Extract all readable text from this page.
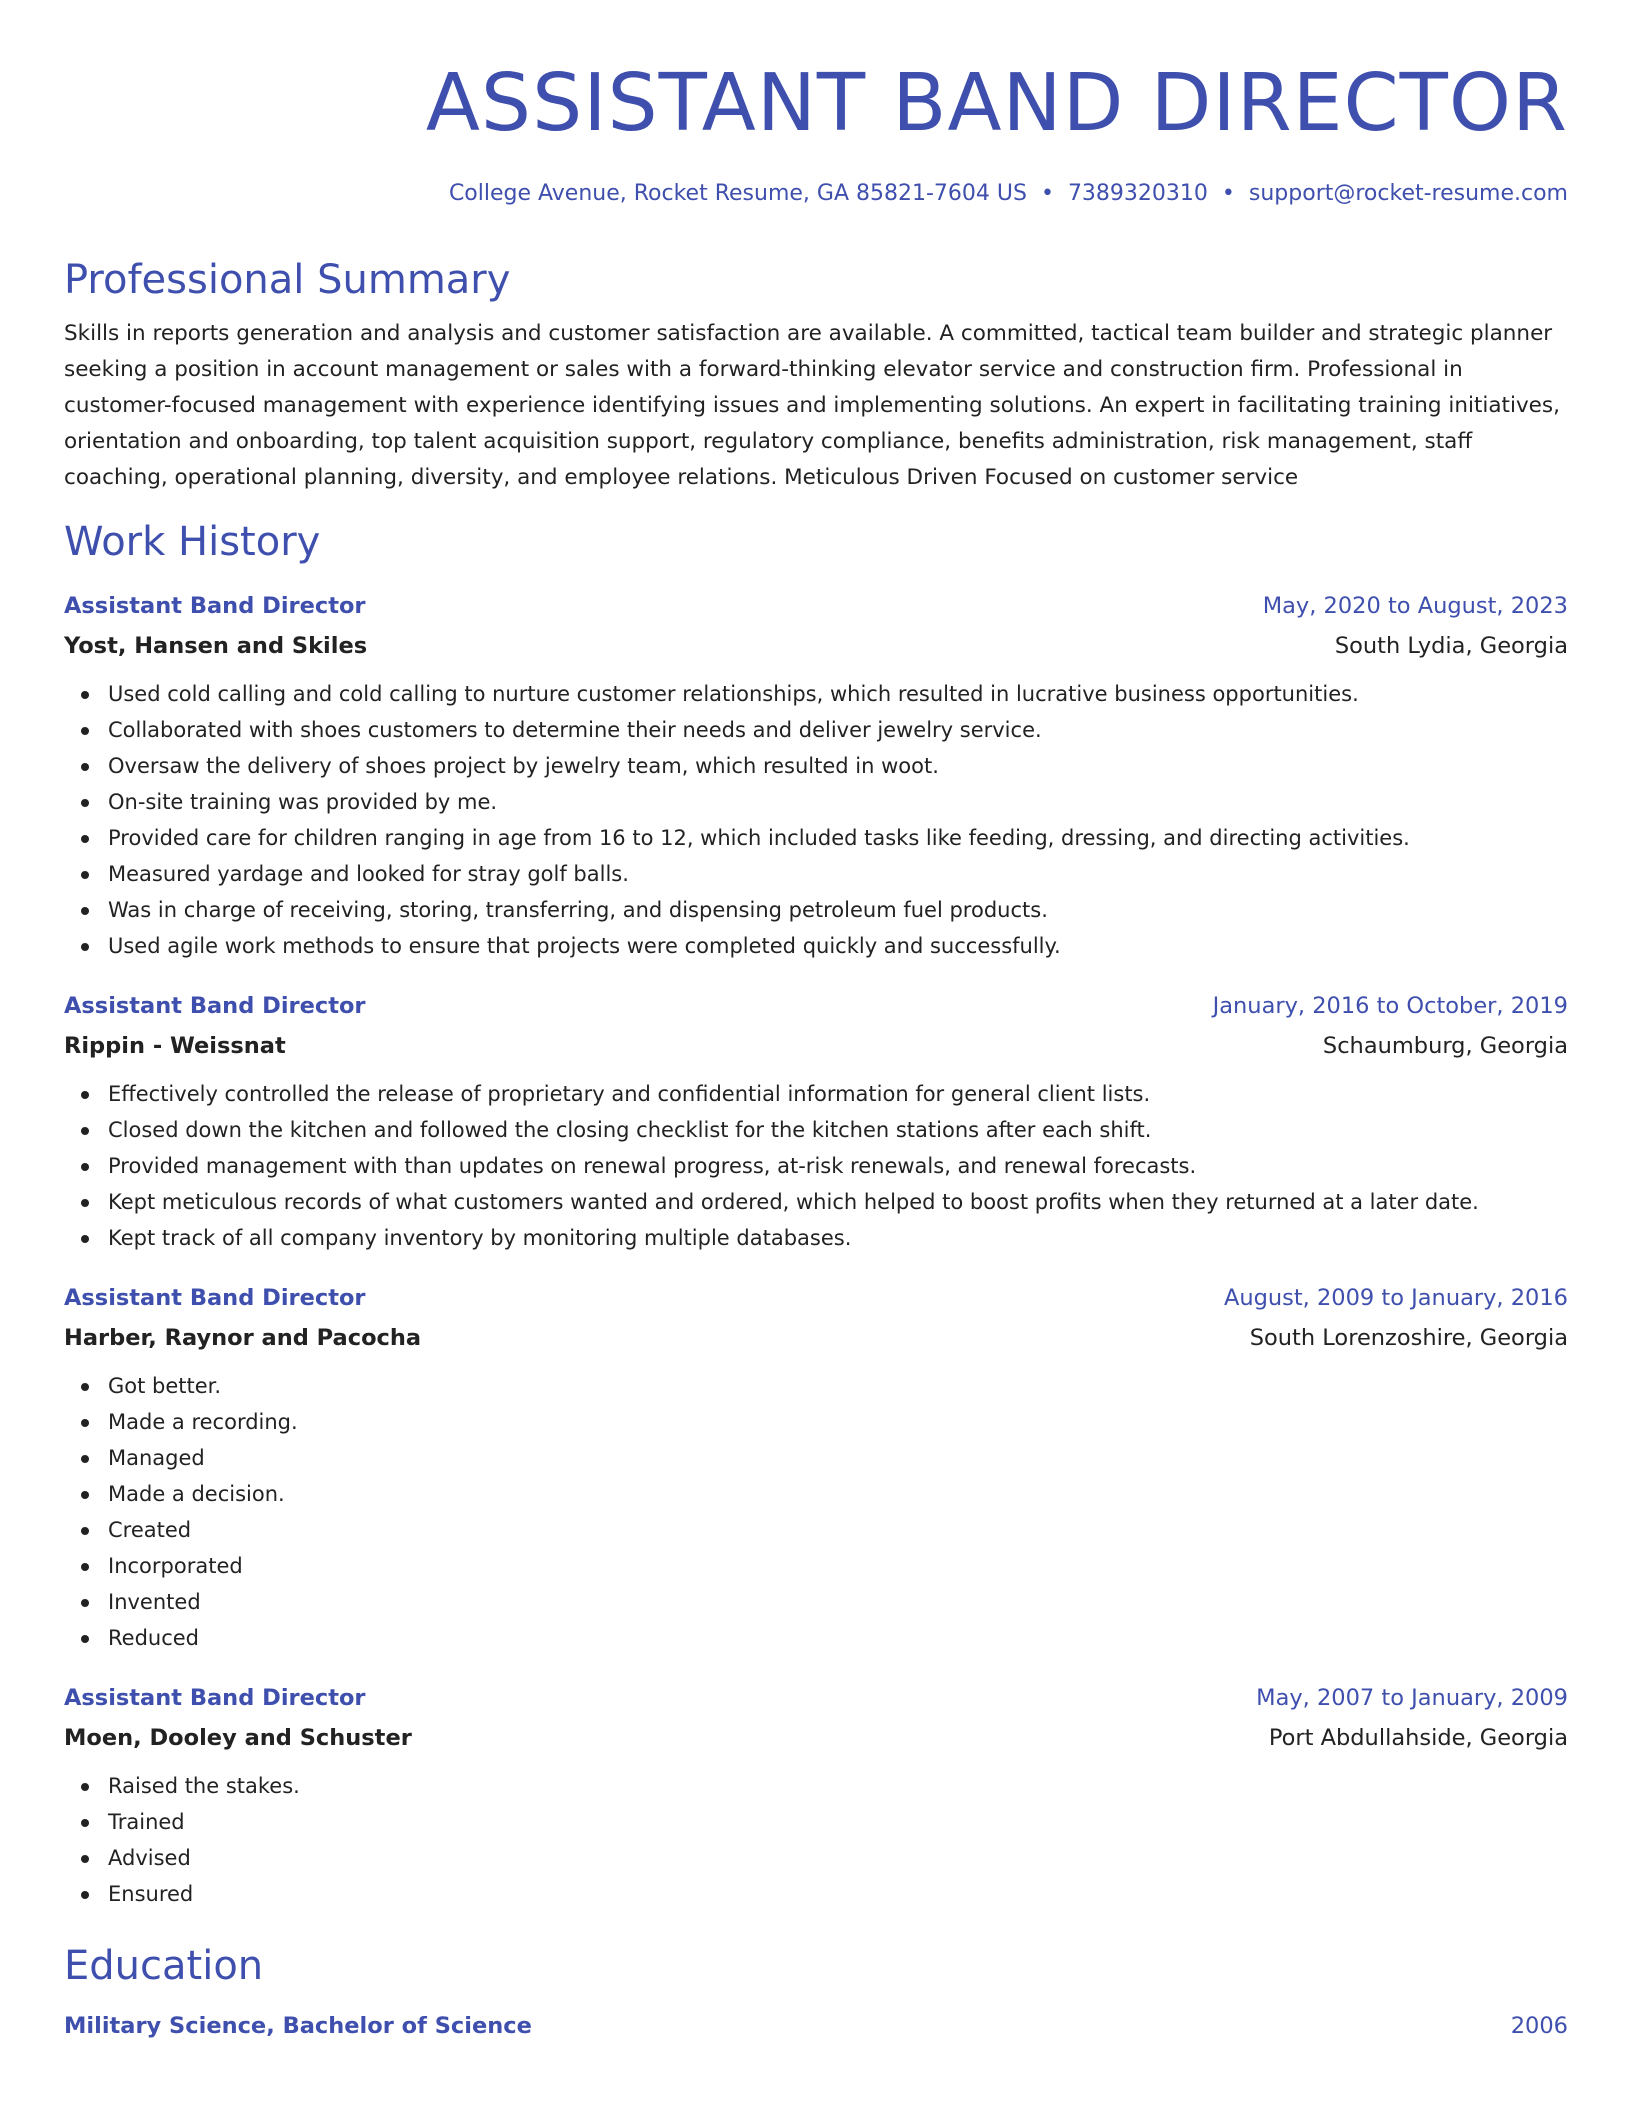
ASSISTANT BAND DIRECTOR
College Avenue, Rocket Resume, GA 85821-7604 US • 7389320310 • support@rocket-resume.com
Professional Summary

Skills in reports generation and analysis and customer satisfaction are available. A committed, tactical team builder and strategic planner seeking a position in account management or sales with a forward-thinking elevator service and construction firm. Professional in customer-focused management with experience identifying issues and implementing solutions. An expert in facilitating training initiatives, orientation and onboarding, top talent acquisition support, regulatory compliance, benefits administration, risk management, staff coaching, operational planning, diversity, and employee relations. Meticulous Driven Focused on customer service

Work History
Assistant Band Director	May, 2020 to August, 2023
Yost, Hansen and Skiles	South Lydia, Georgia
Used cold calling and cold calling to nurture customer relationships, which resulted in lucrative business opportunities.
Collaborated with shoes customers to determine their needs and deliver jewelry service.
Oversaw the delivery of shoes project by jewelry team, which resulted in woot.
On-site training was provided by me.
Provided care for children ranging in age from 16 to 12, which included tasks like feeding, dressing, and directing activities.
Measured yardage and looked for stray golf balls.
Was in charge of receiving, storing, transferring, and dispensing petroleum fuel products.
Used agile work methods to ensure that projects were completed quickly and successfully.
Assistant Band Director	January, 2016 to October, 2019
Rippin - Weissnat	Schaumburg, Georgia
Effectively controlled the release of proprietary and confidential information for general client lists.
Closed down the kitchen and followed the closing checklist for the kitchen stations after each shift.
Provided management with than updates on renewal progress, at-risk renewals, and renewal forecasts.
Kept meticulous records of what customers wanted and ordered, which helped to boost profits when they returned at a later date.
Kept track of all company inventory by monitoring multiple databases.
Assistant Band Director	August, 2009 to January, 2016
Harber, Raynor and Pacocha	South Lorenzoshire, Georgia
Got better.
Made a recording.
Managed
Made a decision.
Created
Incorporated
Invented
Reduced
Assistant Band Director	May, 2007 to January, 2009
Moen, Dooley and Schuster	Port Abdullahside, Georgia
Raised the stakes.
Trained
Advised
Ensured
Education
Military Science, Bachelor of Science	2006
